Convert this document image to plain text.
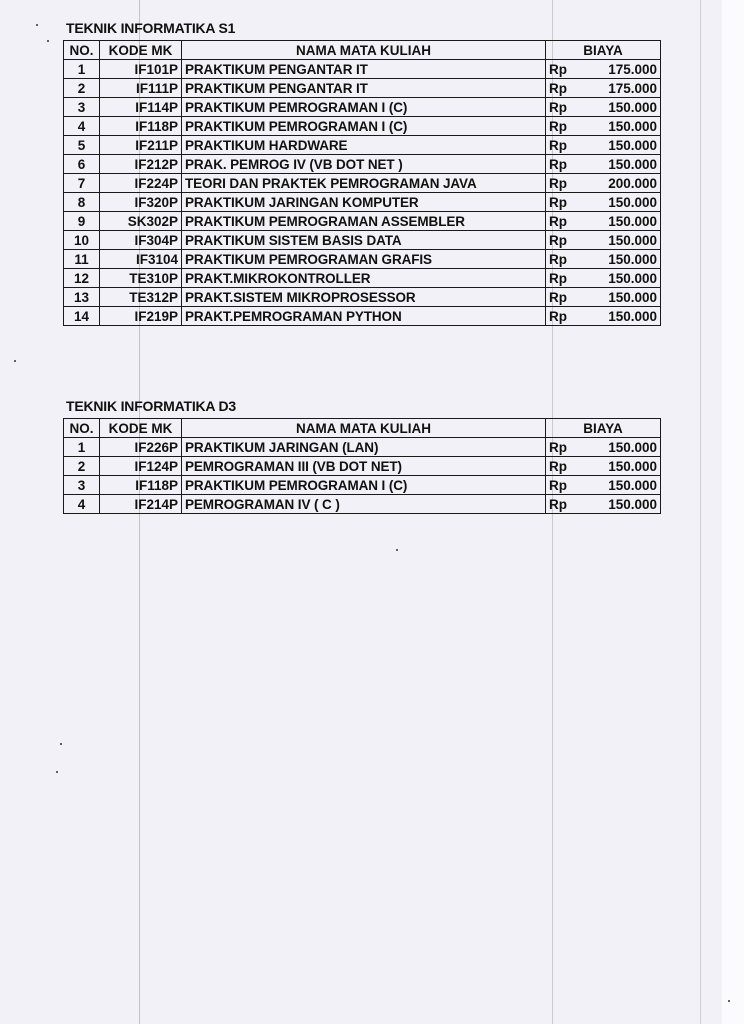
TEKNIK INFORMATIKA S1
NO.	KODE MK	NAMA MATA KULIAH	BIAYA
1	IF101P	PRAKTIKUM PENGANTAR IT	Rp 175.000

2	IF111P	PRAKTIKUM PENGANTAR IT	Rp 175.000

3	IF114P	PRAKTIKUM PEMROGRAMAN I (C)	Rp 150.000

4	IF118P	PRAKTIKUM PEMROGRAMAN I (C)	Rp 150.000

5	IF211P	PRAKTIKUM HARDWARE	Rp 150.000

6	IF212P	PRAK. PEMROG IV (VB DOT NET )	Rp 150.000

7	IF224P	TEORI DAN PRAKTEK PEMROGRAMAN JAVA	Rp 200.000

8	IF320P	PRAKTIKUM JARINGAN KOMPUTER	Rp 150.000

9	SK302P	PRAKTIKUM PEMROGRAMAN ASSEMBLER	Rp 150.000

10	IF304P	PRAKTIKUM SISTEM BASIS DATA	Rp 150.000

11	IF3104	PRAKTIKUM PEMROGRAMAN GRAFIS	Rp 150.000

12	TE310P	PRAKT.MIKROKONTROLLER	Rp 150.000

13	TE312P	PRAKT.SISTEM MIKROPROSESSOR	Rp 150.000

14	IF219P	PRAKT.PEMROGRAMAN PYTHON	Rp 150.000
TEKNIK INFORMATIKA D3
NO.	KODE MK	NAMA MATA KULIAH	BIAYA
1	IF226P	PRAKTIKUM JARINGAN (LAN)	Rp 150.000

2	IF124P	PEMROGRAMAN III (VB DOT NET)	Rp 150.000

3	IF118P	PRAKTIKUM PEMROGRAMAN I (C)	Rp 150.000

4	IF214P	PEMROGRAMAN IV ( C )	Rp 150.000
